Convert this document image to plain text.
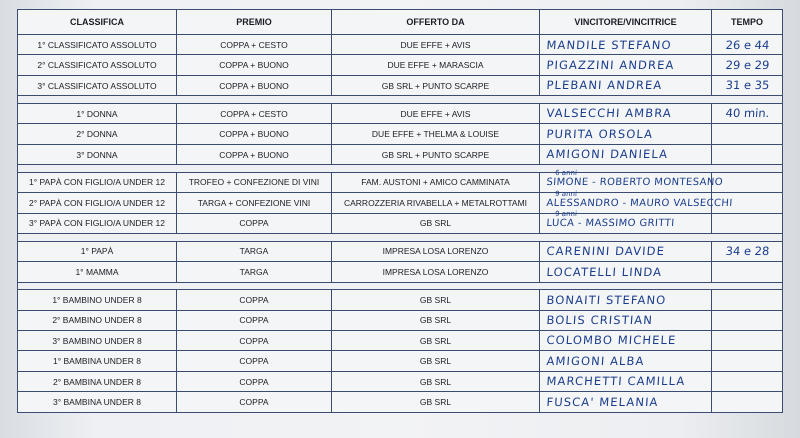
CLASSIFICA	PREMIO	OFFERTO DA	VINCITORE/VINCITRICE	TEMPO
1° CLASSIFICATO ASSOLUTO	COPPA + CESTO	DUE EFFE + AVIS	MANDILE STEFANO	26 e 44
2° CLASSIFICATO ASSOLUTO	COPPA + BUONO	DUE EFFE + MARASCIA	PIGAZZINI ANDREA	29 e 29
3° CLASSIFICATO ASSOLUTO	COPPA + BUONO	GB SRL + PUNTO SCARPE	PLEBANI ANDREA	31 e 35

1° DONNA	COPPA + CESTO	DUE EFFE + AVIS	VALSECCHI AMBRA	40 min.
2° DONNA	COPPA + BUONO	DUE EFFE + THELMA & LOUISE	PURITA ORSOLA	
3° DONNA	COPPA + BUONO	GB SRL + PUNTO SCARPE	AMIGONI DANIELA	

1° PAPÀ CON FIGLIO/A UNDER 12	TROFEO + CONFEZIONE DI VINI	FAM. AUSTONI + AMICO CAMMINATA	SIMONE - ROBERTO MONTESANO
6 anni	

2° PAPÀ CON FIGLIO/A UNDER 12	TARGA + CONFEZIONE VINI	CARROZZERIA RIVABELLA + METALROTTAMI	ALESSANDRO - MAURO VALSECCHI
9 anni	

3° PAPÀ CON FIGLIO/A UNDER 12	COPPA	GB SRL	LUCA - MASSIMO GRITTI
9 anni	

1° PAPÀ	TARGA	IMPRESA LOSA LORENZO	CARENINI DAVIDE	34 e 28
1° MAMMA	TARGA	IMPRESA LOSA LORENZO	LOCATELLI LINDA	

1° BAMBINO UNDER 8	COPPA	GB SRL	BONAITI STEFANO	
2° BAMBINO UNDER 8	COPPA	GB SRL	BOLIS CRISTIAN	
3° BAMBINO UNDER 8	COPPA	GB SRL	COLOMBO MICHELE	
1° BAMBINA UNDER 8	COPPA	GB SRL	AMIGONI ALBA	
2° BAMBINA UNDER 8	COPPA	GB SRL	MARCHETTI CAMILLA	
3° BAMBINA UNDER 8	COPPA	GB SRL	FUSCA' MELANIA	
